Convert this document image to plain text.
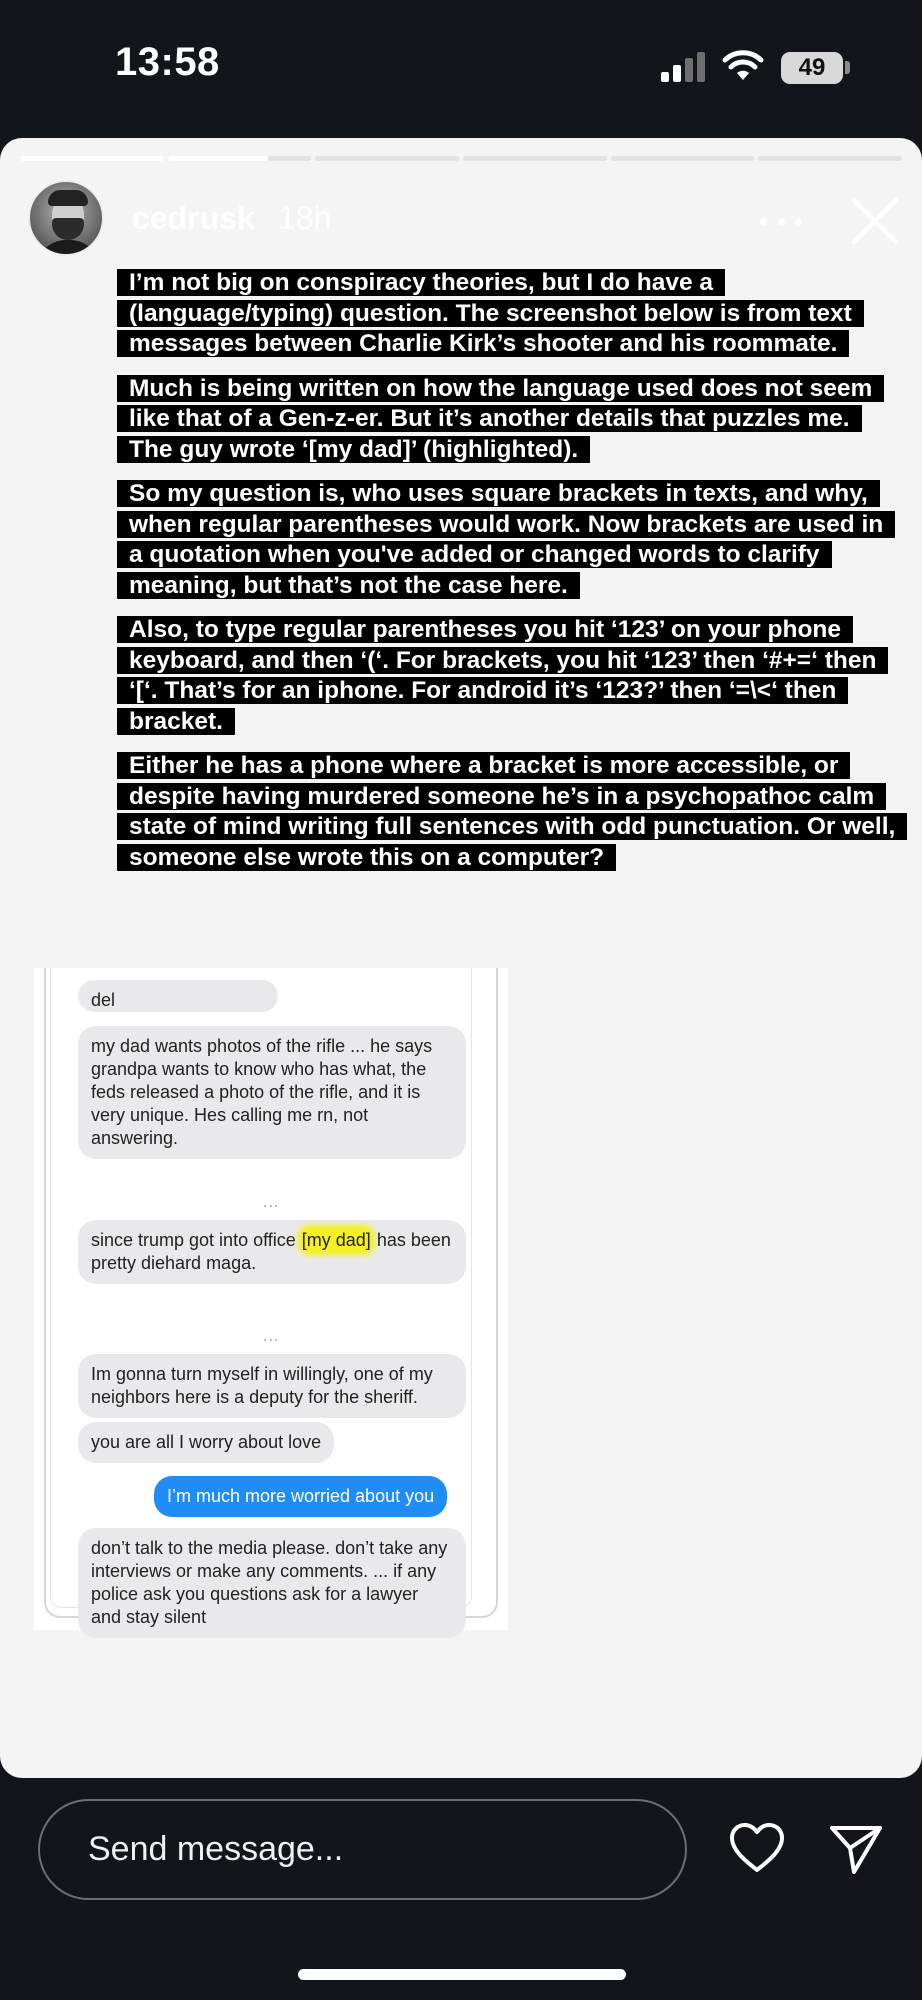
13:58	49
cedrusk 18h
del
my dad wants photos of the rifle ... he says grandpa wants to know who has what, the feds released a photo of the rifle, and it is very unique. Hes calling me rn, not answering.
...
since trump got into office [my dad] has been pretty diehard maga.
...
Im gonna turn myself in willingly, one of my neighbors here is a deputy for the sheriff.
you are all I worry about love
I’m much more worried about you
don’t talk to the media please. don’t take any interviews or make any comments. ... if any police ask you questions ask for a lawyer and stay silent
I’m not big on conspiracy theories, but I do have a (language/typing) question. The screenshot below is from text messages between Charlie Kirk’s shooter and his roommate.
Much is being written on how the language used does not seem like that of a Gen-z-er. But it’s another details that puzzles me. The guy wrote ‘[my dad]’ (highlighted).
So my question is, who uses square brackets in texts, and why, when regular parentheses would work. Now brackets are used in a quotation when you've added or changed words to clarify meaning, but that’s not the case here.
Also, to type regular parentheses you hit ‘123’ on your phone keyboard, and then ‘(‘. For brackets, you hit ‘123’ then ‘#+=‘ then ‘[‘. That’s for an iphone. For android it’s ‘123?’ then ‘=\<‘ then bracket.
Either he has a phone where a bracket is more accessible, or despite having murdered someone he’s in a psychopathoc calm state of mind writing full sentences with odd punctuation. Or well, someone else wrote this on a computer?
Send message...
